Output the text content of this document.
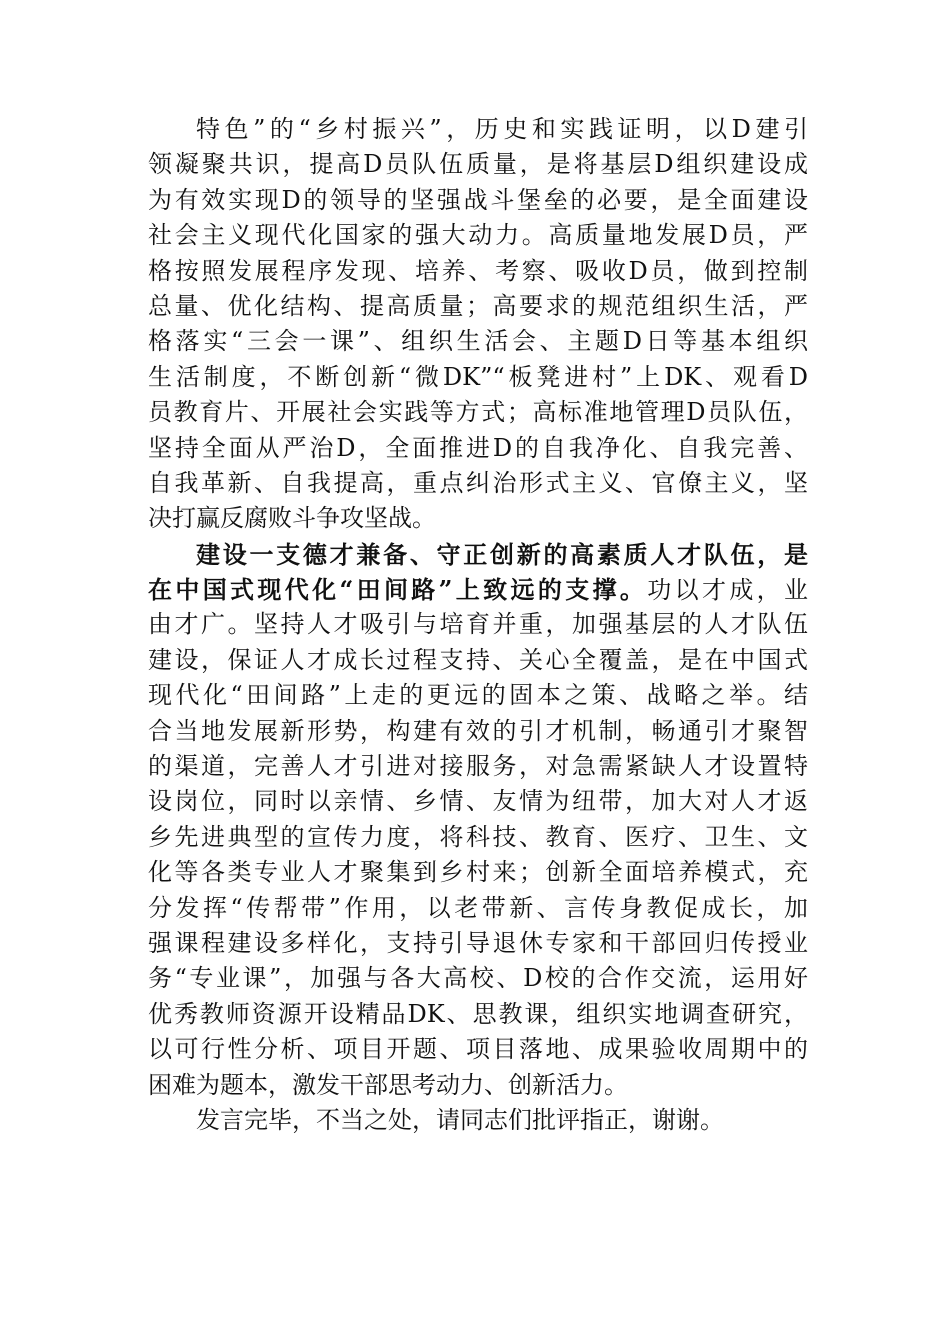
特色”的“乡村振兴”，历史和实践证明，以D建引
领凝聚共识，提高D员队伍质量，是将基层D组织建设成
为有效实现D的领导的坚强战斗堡垒的必要，是全面建设
社会主义现代化国家的强大动力。高质量地发展D员，严
格按照发展程序发现、培养、考察、吸收D员，做到控制
总量、优化结构、提高质量；高要求的规范组织生活，严
格落实“三会一课”、组织生活会、主题D日等基本组织
生活制度，不断创新“微DK”“板凳进村”上DK、观看D
员教育片、开展社会实践等方式；高标准地管理D员队伍，
坚持全面从严治D，全面推进D的自我净化、自我完善、
自我革新、自我提高，重点纠治形式主义、官僚主义，坚
决打赢反腐败斗争攻坚战。
建设一支德才兼备、守正创新的高素质人才队伍，是
在中国式现代化“田间路”上致远的支撑。功以才成，业
由才广。坚持人才吸引与培育并重，加强基层的人才队伍
建设，保证人才成长过程支持、关心全覆盖，是在中国式
现代化“田间路”上走的更远的固本之策、战略之举。结
合当地发展新形势，构建有效的引才机制，畅通引才聚智
的渠道，完善人才引进对接服务，对急需紧缺人才设置特
设岗位，同时以亲情、乡情、友情为纽带，加大对人才返
乡先进典型的宣传力度，将科技、教育、医疗、卫生、文
化等各类专业人才聚集到乡村来；创新全面培养模式，充
分发挥“传帮带”作用，以老带新、言传身教促成长，加
强课程建设多样化，支持引导退休专家和干部回归传授业
务“专业课”，加强与各大高校、D校的合作交流，运用好
优秀教师资源开设精品DK、思教课，组织实地调查研究，
以可行性分析、项目开题、项目落地、成果验收周期中的
困难为题本，激发干部思考动力、创新活力。
发言完毕，不当之处，请同志们批评指正，谢谢。
